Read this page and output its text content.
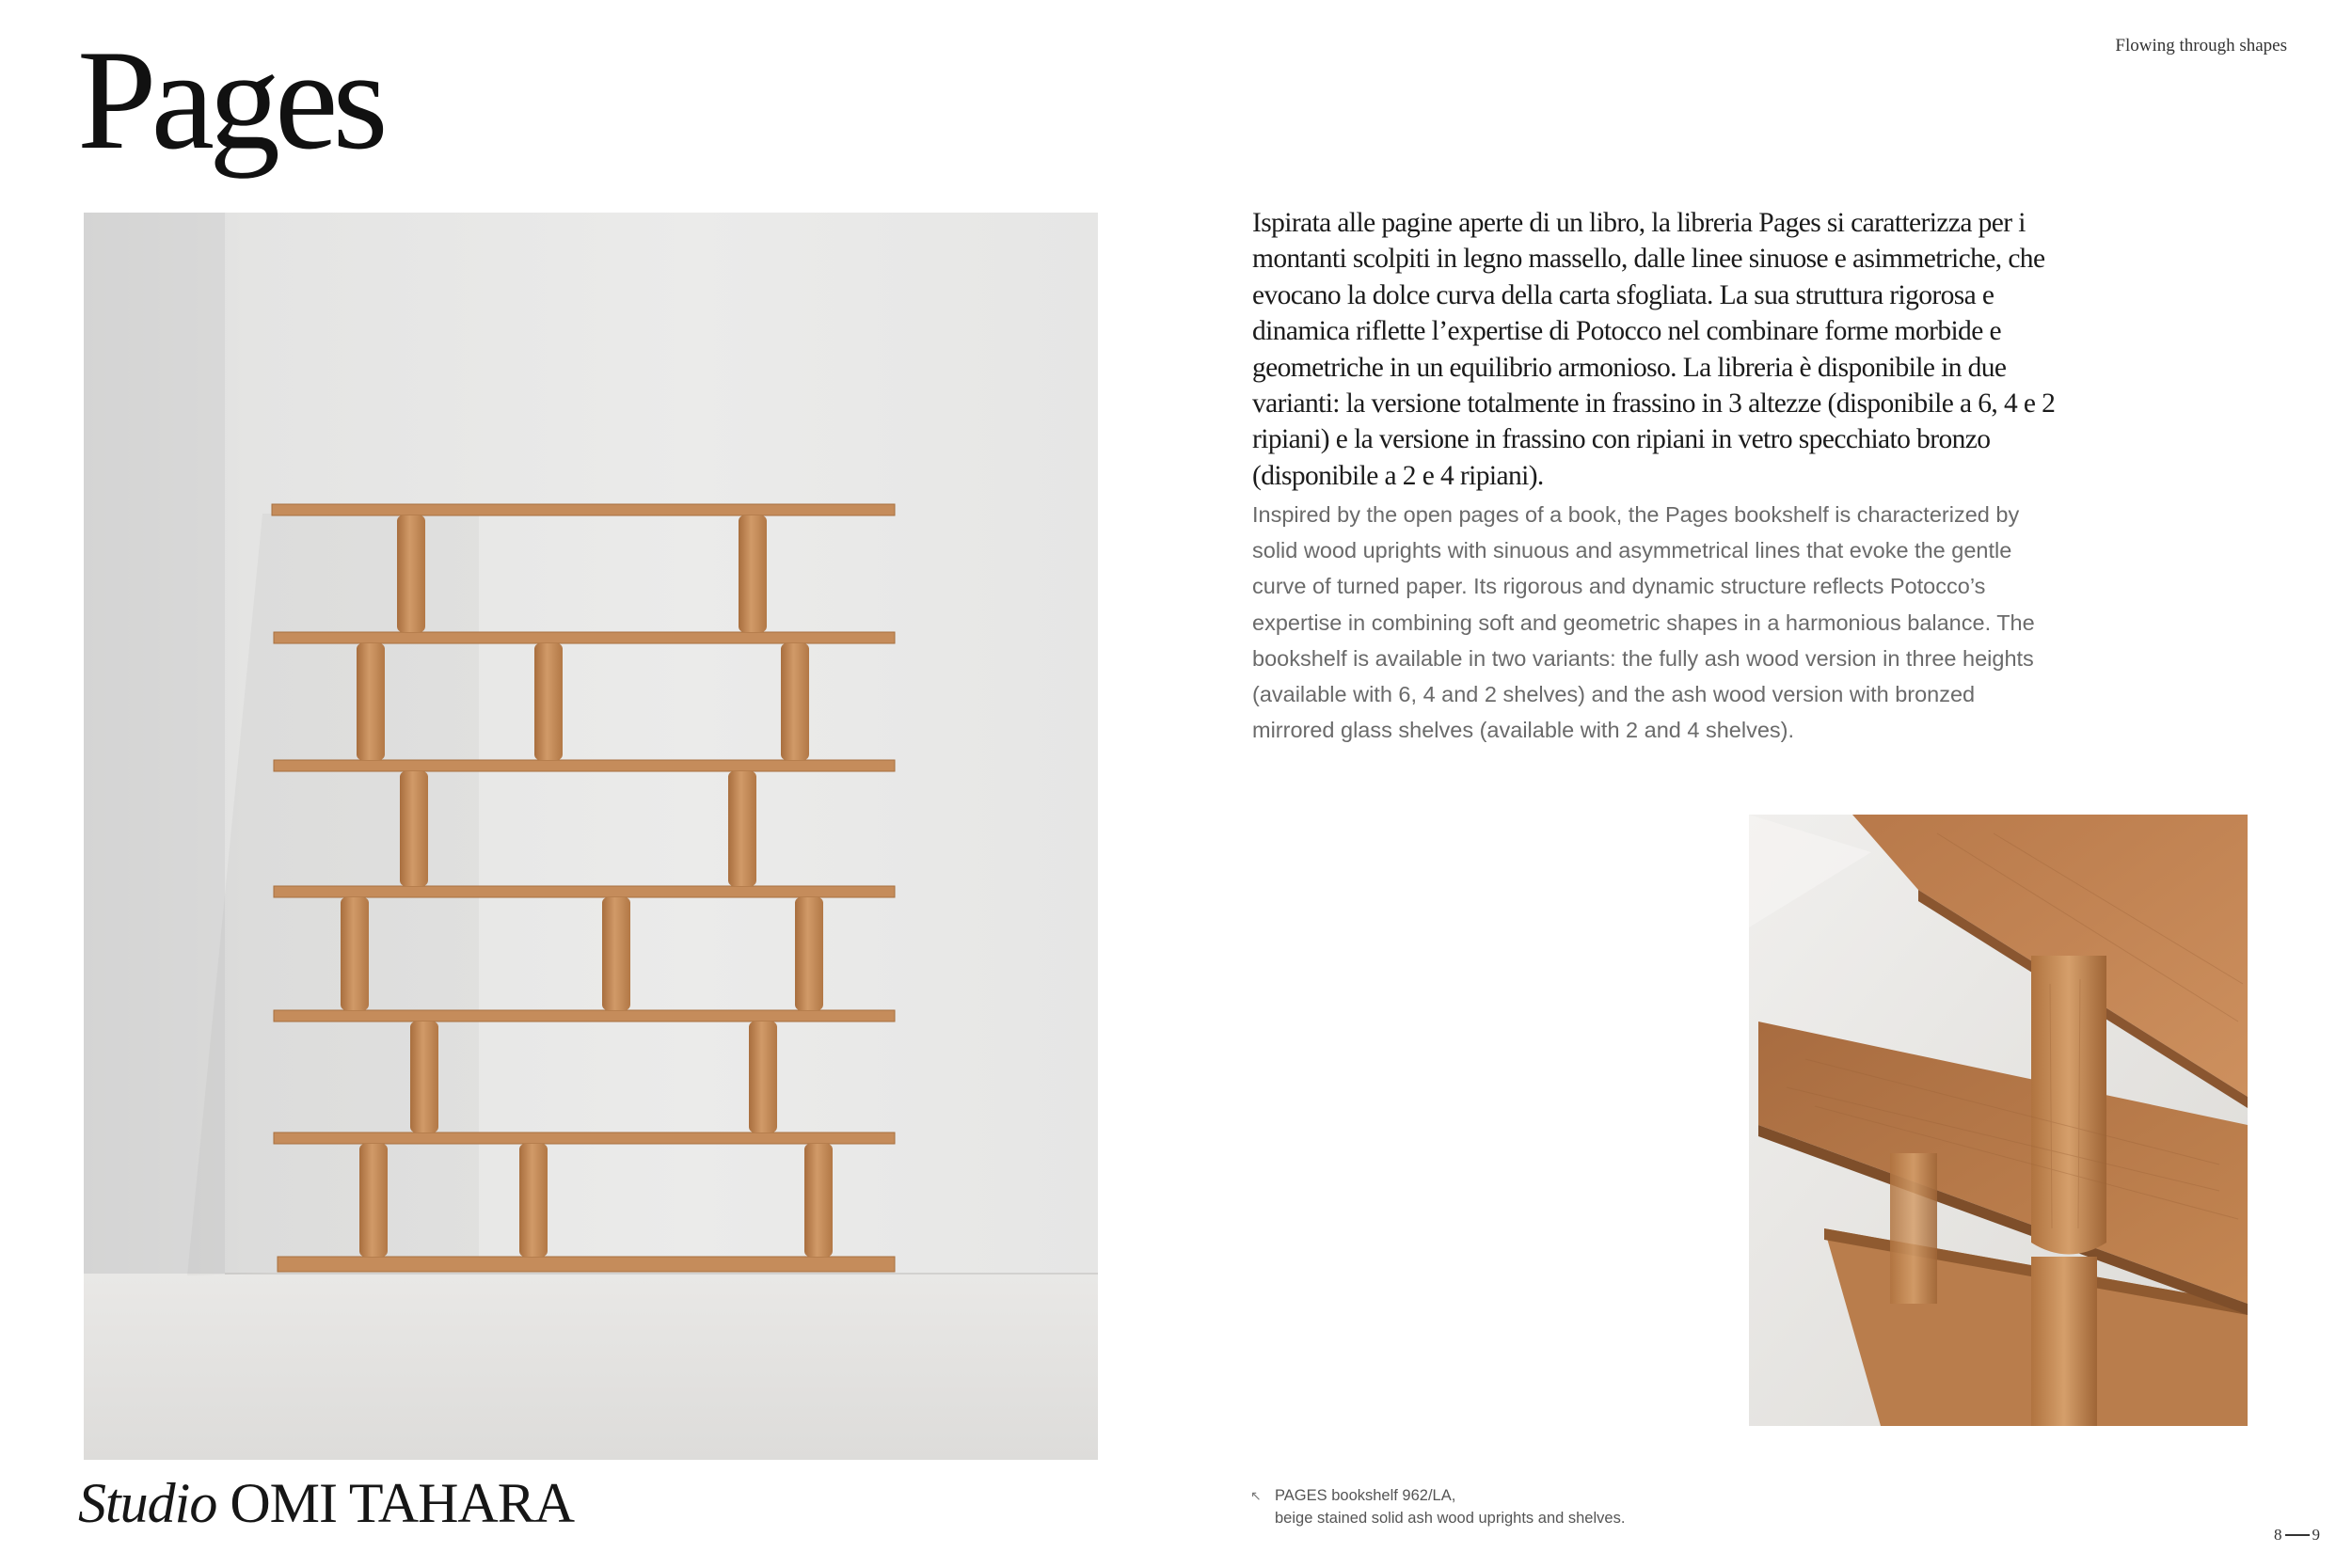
Pages	Flowing through shapes
Ispirata alle pagine aperte di un libro, la libreria Pages si caratterizza per i montanti scolpiti in legno massello, dalle linee sinuose e asimmetriche, che evocano la dolce curva della carta sfogliata. La sua struttura rigorosa e dinamica riflette l’expertise di Potocco nel combinare forme morbide e geometriche in un equilibrio armonioso. La libreria è disponibile in due varianti: la versione totalmente in frassino in 3 altezze (disponibile a 6, 4 e 2 ripiani) e la versione in frassino con ripiani in vetro specchiato bronzo (disponibile a 2 e 4 ripiani).
Inspired by the open pages of a book, the Pages bookshelf is characterized by solid wood uprights with sinuous and asymmetrical lines that evoke the gentle curve of turned paper. Its rigorous and dynamic structure reflects Potocco’s expertise in combining soft and geometric shapes in a harmonious balance. The bookshelf is available in two variants: the fully ash wood version in three heights (available with 6, 4 and 2 shelves) and the ash wood version with bronzed mirrored glass shelves (available with 2 and 4 shelves).
↖ PAGES bookshelf 962/LA,
beige stained solid ash wood uprights and shelves.
Studio OMI TAHARA
8 9
